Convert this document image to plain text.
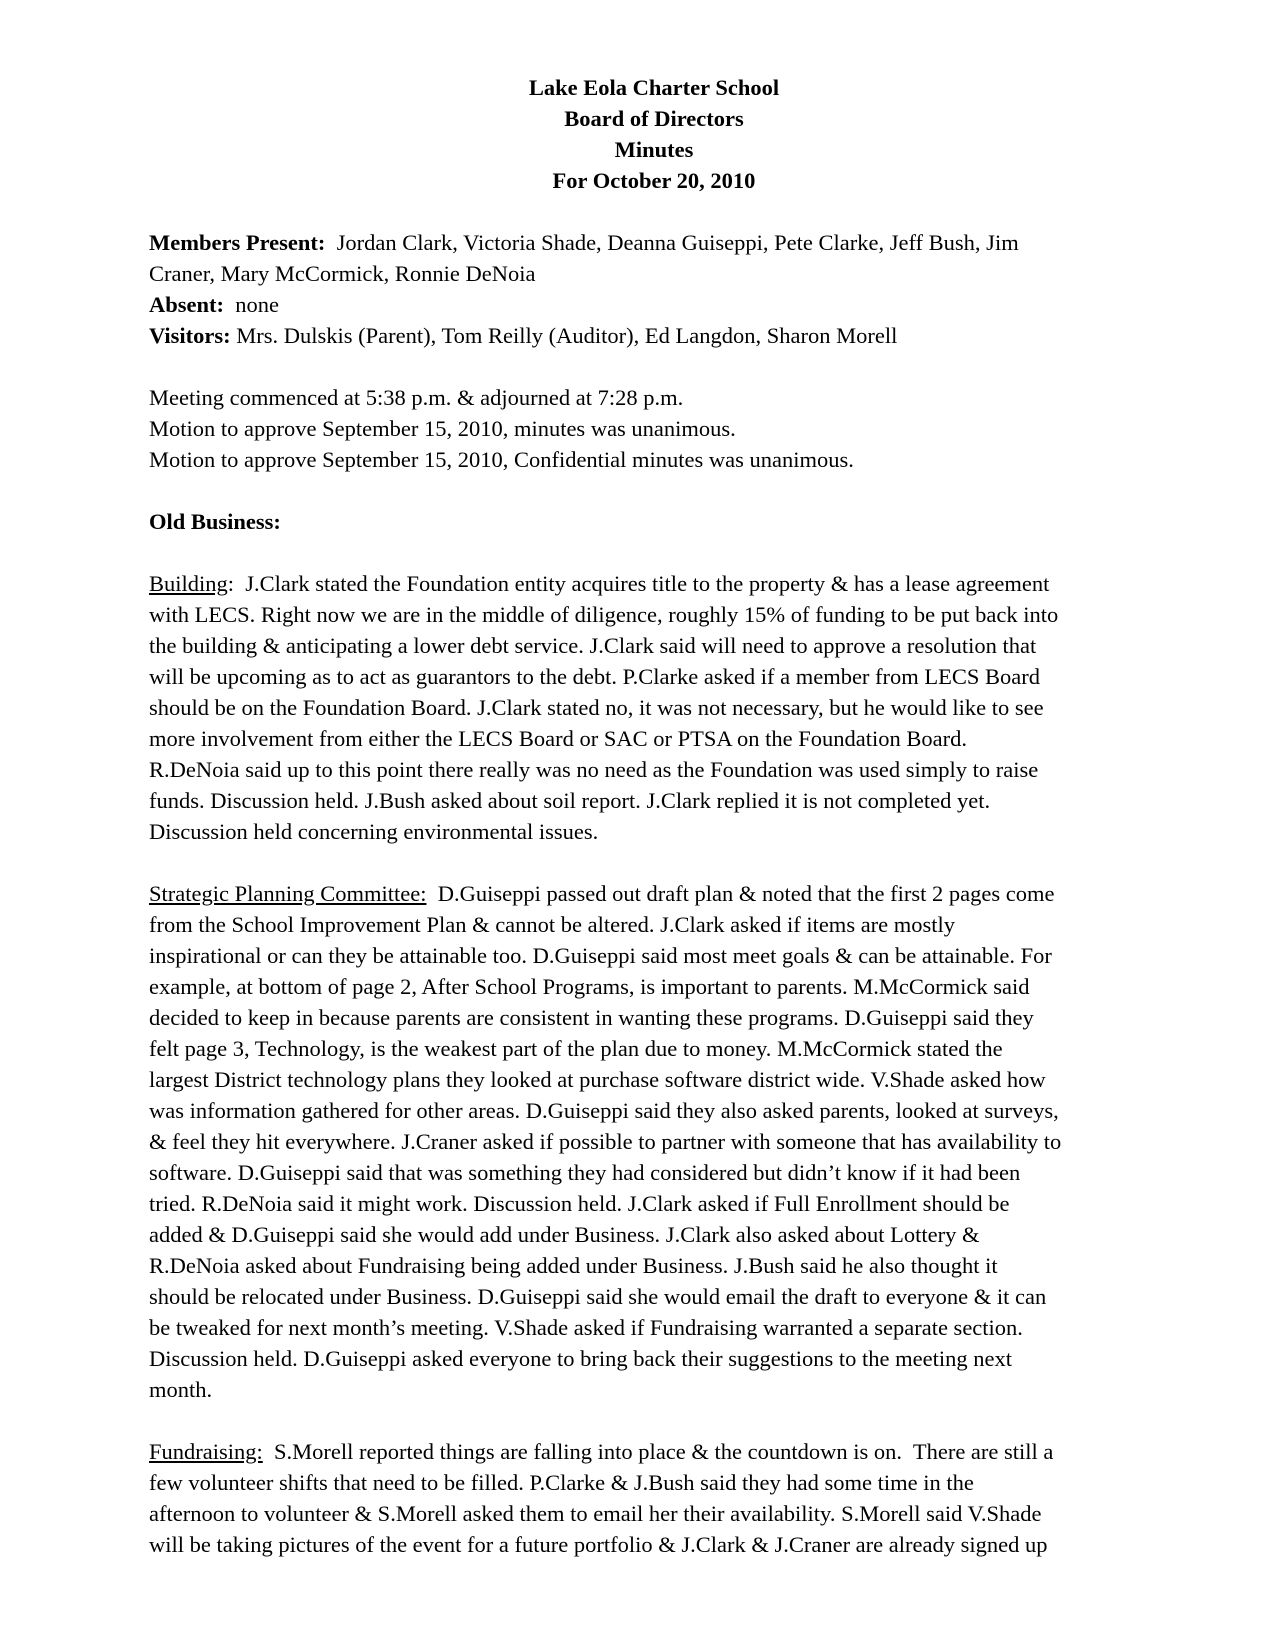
Lake Eola Charter School
Board of Directors
Minutes
For October 20, 2010
Members Present:  Jordan Clark, Victoria Shade, Deanna Guiseppi, Pete Clarke, Jeff Bush, Jim
Craner, Mary McCormick, Ronnie DeNoia
Absent:  none
Visitors: Mrs. Dulskis (Parent), Tom Reilly (Auditor), Ed Langdon, Sharon Morell
Meeting commenced at 5:38 p.m. & adjourned at 7:28 p.m.
Motion to approve September 15, 2010, minutes was unanimous.
Motion to approve September 15, 2010, Confidential minutes was unanimous.
Old Business:
Building:  J.Clark stated the Foundation entity acquires title to the property & has a lease agreement
with LECS. Right now we are in the middle of diligence, roughly 15% of funding to be put back into
the building & anticipating a lower debt service. J.Clark said will need to approve a resolution that
will be upcoming as to act as guarantors to the debt. P.Clarke asked if a member from LECS Board
should be on the Foundation Board. J.Clark stated no, it was not necessary, but he would like to see
more involvement from either the LECS Board or SAC or PTSA on the Foundation Board.
R.DeNoia said up to this point there really was no need as the Foundation was used simply to raise
funds. Discussion held. J.Bush asked about soil report. J.Clark replied it is not completed yet.
Discussion held concerning environmental issues.
Strategic Planning Committee:  D.Guiseppi passed out draft plan & noted that the first 2 pages come
from the School Improvement Plan & cannot be altered. J.Clark asked if items are mostly
inspirational or can they be attainable too. D.Guiseppi said most meet goals & can be attainable. For
example, at bottom of page 2, After School Programs, is important to parents. M.McCormick said
decided to keep in because parents are consistent in wanting these programs. D.Guiseppi said they
felt page 3, Technology, is the weakest part of the plan due to money. M.McCormick stated the
largest District technology plans they looked at purchase software district wide. V.Shade asked how
was information gathered for other areas. D.Guiseppi said they also asked parents, looked at surveys,
& feel they hit everywhere. J.Craner asked if possible to partner with someone that has availability to
software. D.Guiseppi said that was something they had considered but didn’t know if it had been
tried. R.DeNoia said it might work. Discussion held. J.Clark asked if Full Enrollment should be
added & D.Guiseppi said she would add under Business. J.Clark also asked about Lottery &
R.DeNoia asked about Fundraising being added under Business. J.Bush said he also thought it
should be relocated under Business. D.Guiseppi said she would email the draft to everyone & it can
be tweaked for next month’s meeting. V.Shade asked if Fundraising warranted a separate section.
Discussion held. D.Guiseppi asked everyone to bring back their suggestions to the meeting next
month.
Fundraising:  S.Morell reported things are falling into place & the countdown is on.  There are still a
few volunteer shifts that need to be filled. P.Clarke & J.Bush said they had some time in the
afternoon to volunteer & S.Morell asked them to email her their availability. S.Morell said V.Shade
will be taking pictures of the event for a future portfolio & J.Clark & J.Craner are already signed up
